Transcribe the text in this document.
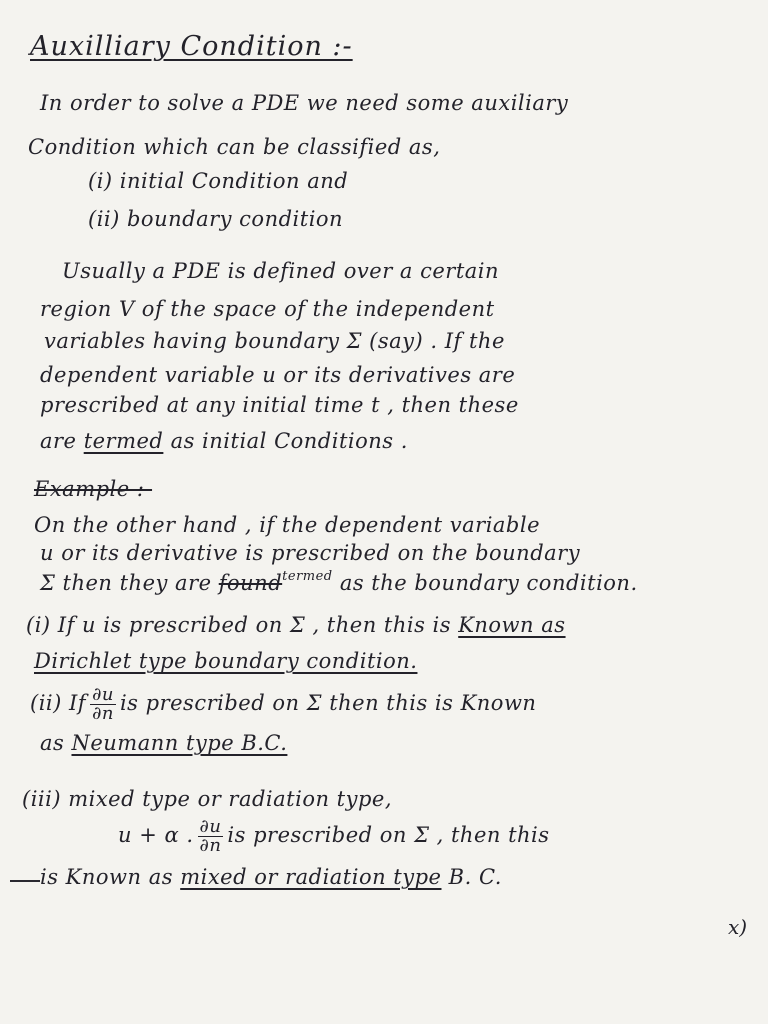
Auxilliary Condition :-
In order to solve a PDE we need some auxiliary
Condition which can be classified as,
(i) initial Condition and
(ii) boundary condition
Usually a PDE is defined over a certain
region V of the space of the independent
variables having boundary Σ (say) . If the
dependent variable u or its derivatives are
prescribed at any initial time t , then these
are termed as initial Conditions .
Example :-
On the other hand , if the dependent variable
u or its derivative is prescribed on the boundary
Σ then they are found$^{termed}$ as the boundary condition.
(i) If u is prescribed on Σ , then this is Known as
Dirichlet type boundary condition.
(ii) If $\frac{\partial u}{\partial n}$ is prescribed on Σ then this is Known
as Neumann type B.C.
(iii) mixed type or radiation type,
u + α . $\frac{\partial u}{\partial n}$ is prescribed on Σ , then this
is Known as mixed or radiation type B. C.
x)
